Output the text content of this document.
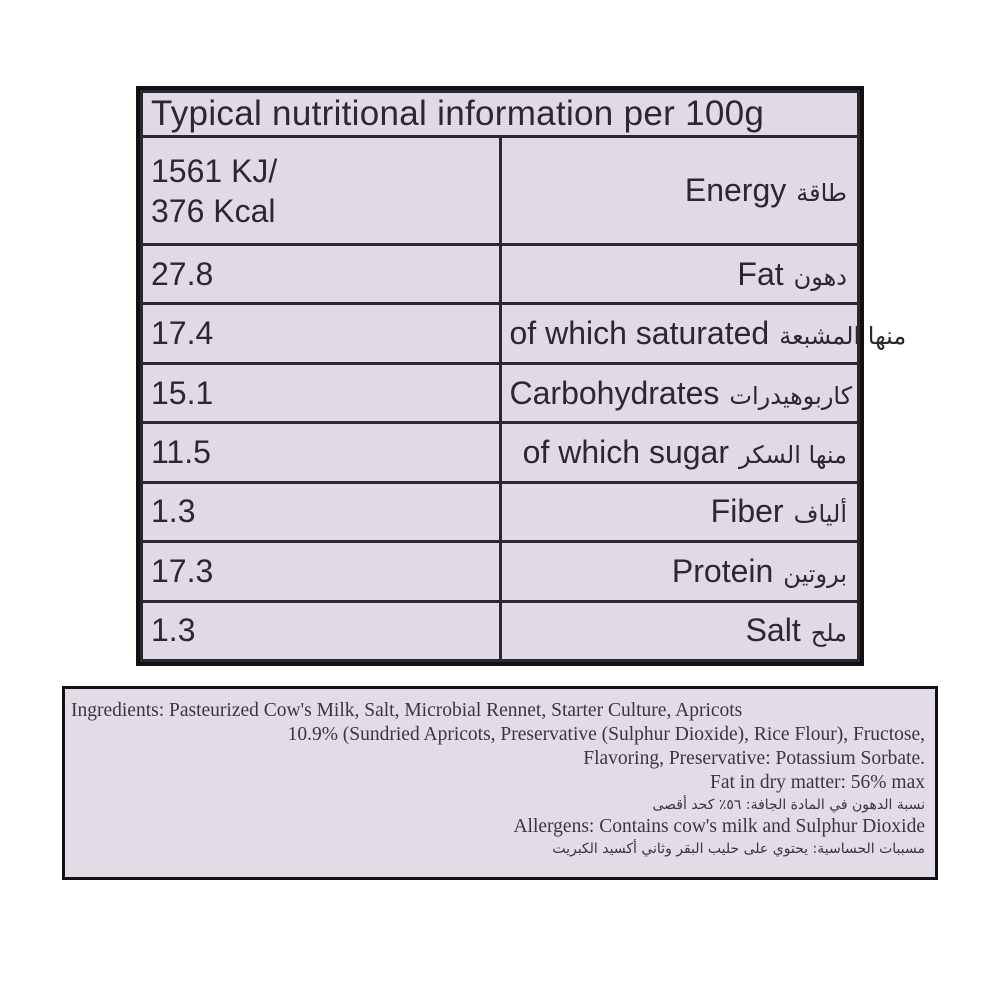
Typical nutritional information per 100g	

1561 KJ/
376 Kcal	Energy طاقة
27.8	Fat دهون
17.4	of which saturated منها المشبعة
15.1	Carbohydrates كاربوهيدرات
11.5	of which sugar منها السكر
1.3	Fiber ألياف
17.3	Protein بروتين
1.3	Salt ملح
Ingredients: Pasteurized Cow's Milk, Salt, Microbial Rennet, Starter Culture, Apricots
10.9% (Sundried Apricots, Preservative (Sulphur Dioxide), Rice Flour), Fructose,
Flavoring, Preservative: Potassium Sorbate.
Fat in dry matter: 56% max
نسبة الدهون في المادة الجافة: ٥٦٪ كحد أقصى
Allergens: Contains cow's milk and Sulphur Dioxide
مسببات الحساسية: يحتوي على حليب البقر وثاني أكسيد الكبريت
